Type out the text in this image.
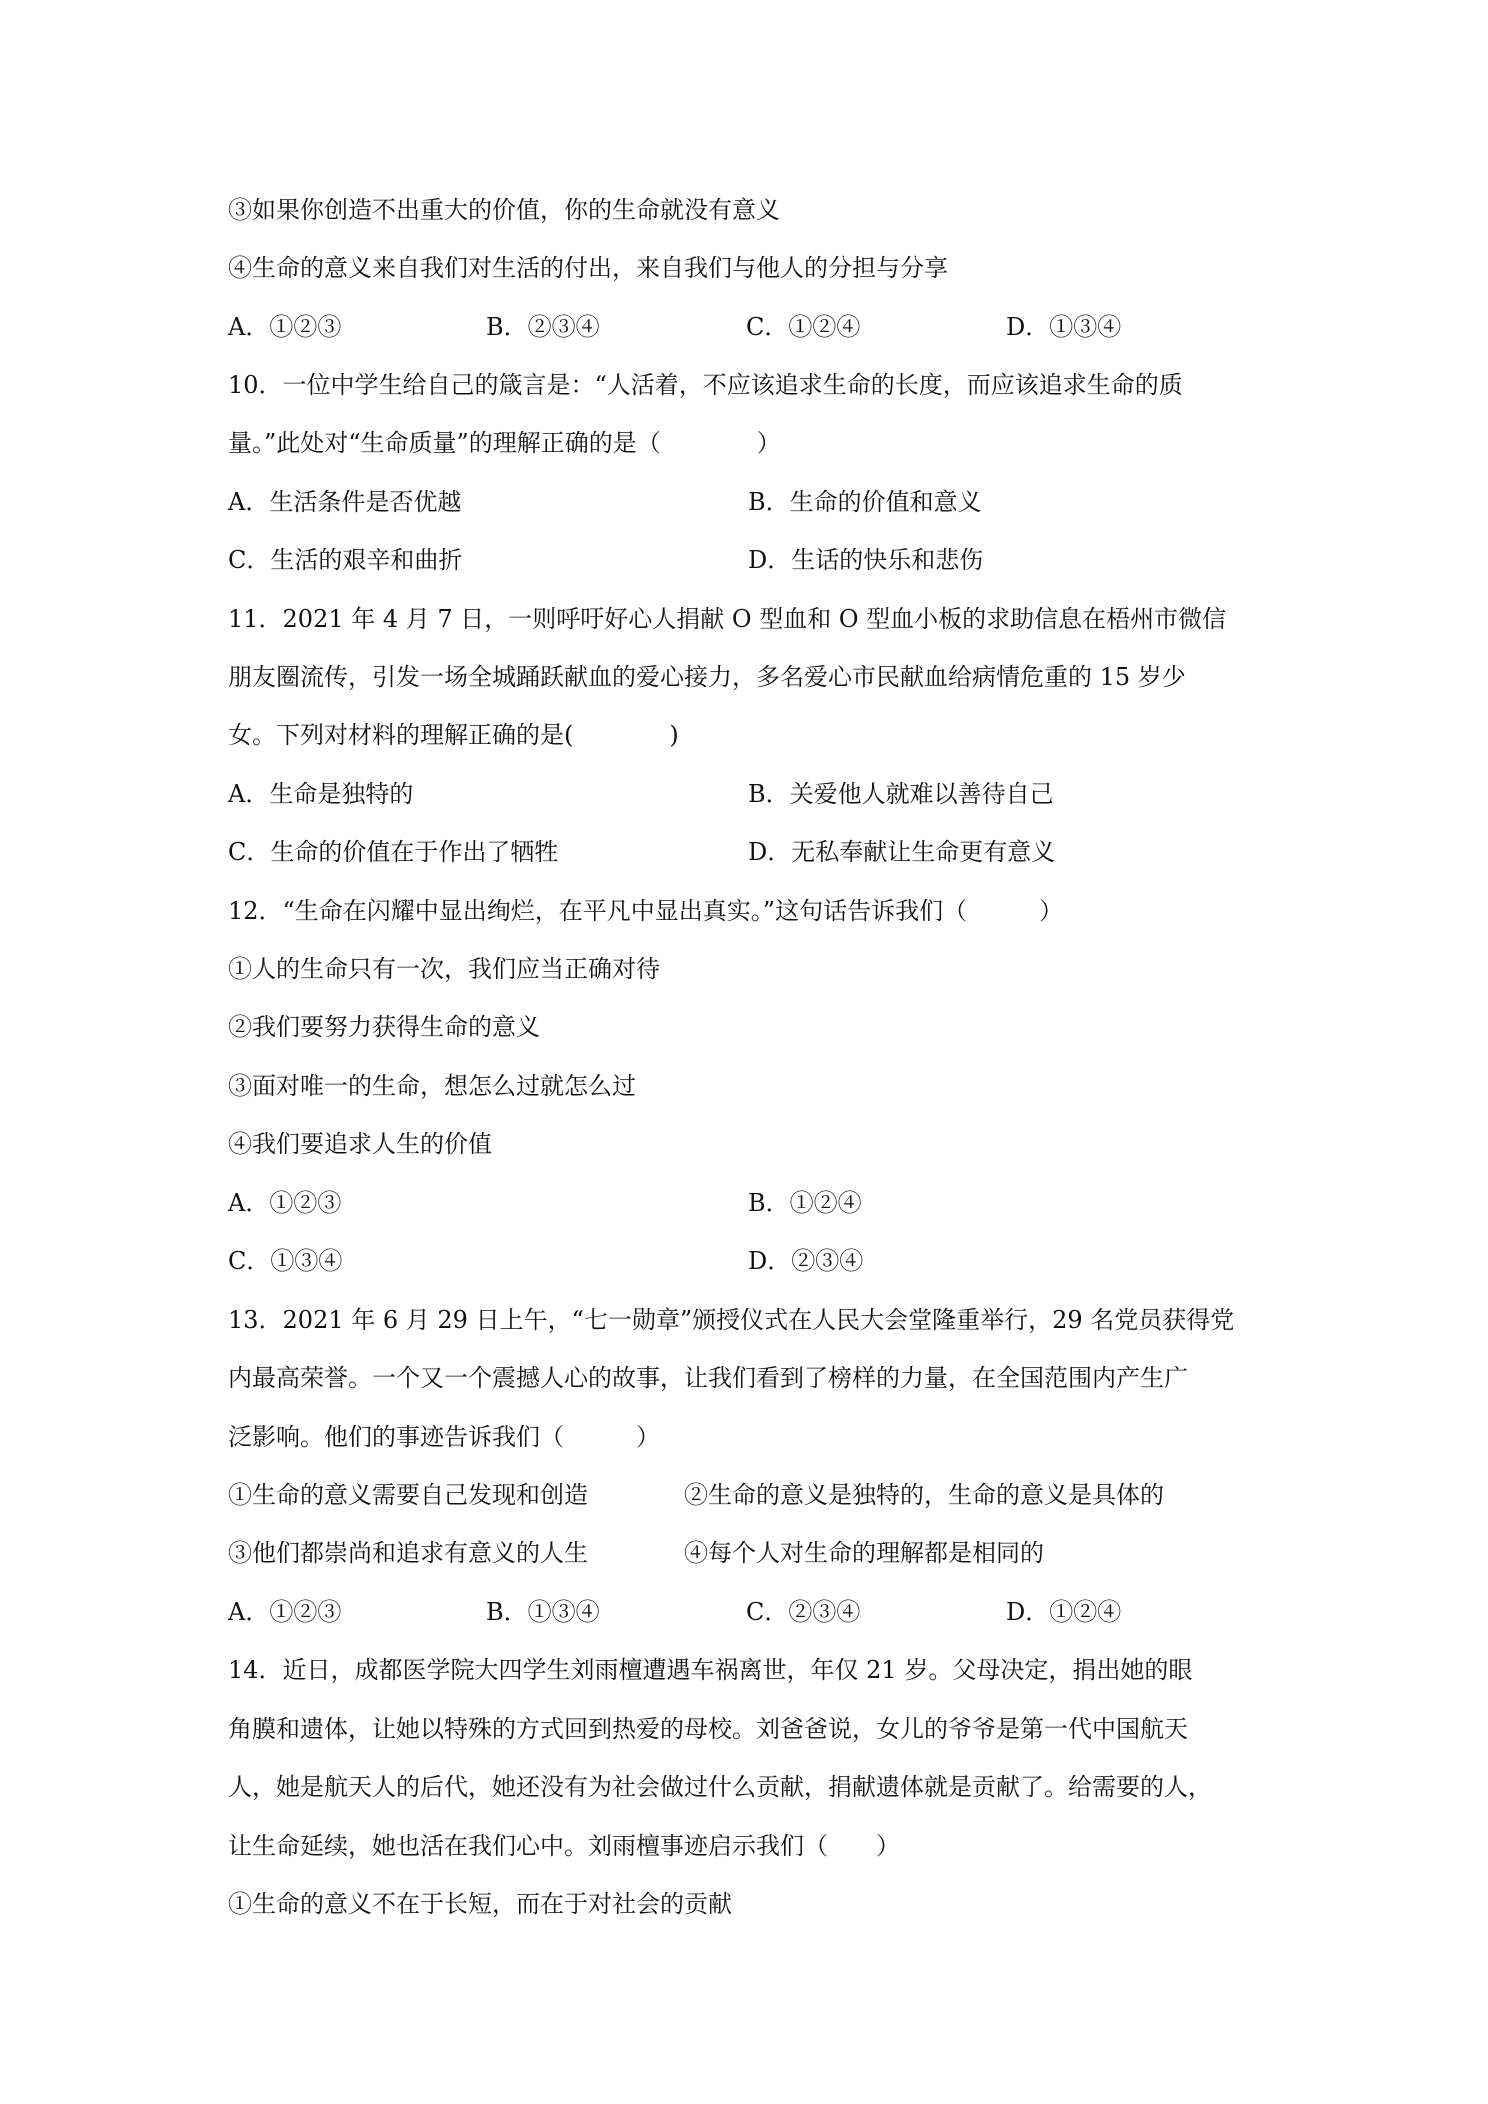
③如果你创造不出重大的价值，你的生命就没有意义
④生命的意义来自我们对生活的付出，来自我们与他人的分担与分享
A．①②③	B．②③④	C．①②④	D．①③④
10．一位中学生给自己的箴言是：“人活着，不应该追求生命的长度，而应该追求生命的质
量。”此处对“生命质量”的理解正确的是（　　　　）
A．生活条件是否优越	B．生命的价值和意义
C．生活的艰辛和曲折	D．生话的快乐和悲伤
11．2021 年 4 月 7 日，一则呼吁好心人捐献 O 型血和 O 型血小板的求助信息在梧州市微信
朋友圈流传，引发一场全城踊跃献血的爱心接力，多名爱心市民献血给病情危重的 15 岁少
女。下列对材料的理解正确的是(　　　　)
A．生命是独特的	B．关爱他人就难以善待自己
C．生命的价值在于作出了牺牲	D．无私奉献让生命更有意义
12．“生命在闪耀中显出绚烂，在平凡中显出真实。”这句话告诉我们（　　　）
①人的生命只有一次，我们应当正确对待
②我们要努力获得生命的意义
③面对唯一的生命，想怎么过就怎么过
④我们要追求人生的价值
A．①②③	B．①②④
C．①③④	D．②③④
13．2021 年 6 月 29 日上午，“七一勋章”颁授仪式在人民大会堂隆重举行，29 名党员获得党
内最高荣誉。一个又一个震撼人心的故事，让我们看到了榜样的力量，在全国范围内产生广
泛影响。他们的事迹告诉我们（　　　）
①生命的意义需要自己发现和创造	②生命的意义是独特的，生命的意义是具体的
③他们都崇尚和追求有意义的人生	④每个人对生命的理解都是相同的
A．①②③	B．①③④	C．②③④	D．①②④
14．近日，成都医学院大四学生刘雨檀遭遇车祸离世，年仅 21 岁。父母决定，捐出她的眼
角膜和遗体，让她以特殊的方式回到热爱的母校。刘爸爸说，女儿的爷爷是第一代中国航天
人，她是航天人的后代，她还没有为社会做过什么贡献，捐献遗体就是贡献了。给需要的人，
让生命延续，她也活在我们心中。刘雨檀事迹启示我们（　　）
①生命的意义不在于长短，而在于对社会的贡献
